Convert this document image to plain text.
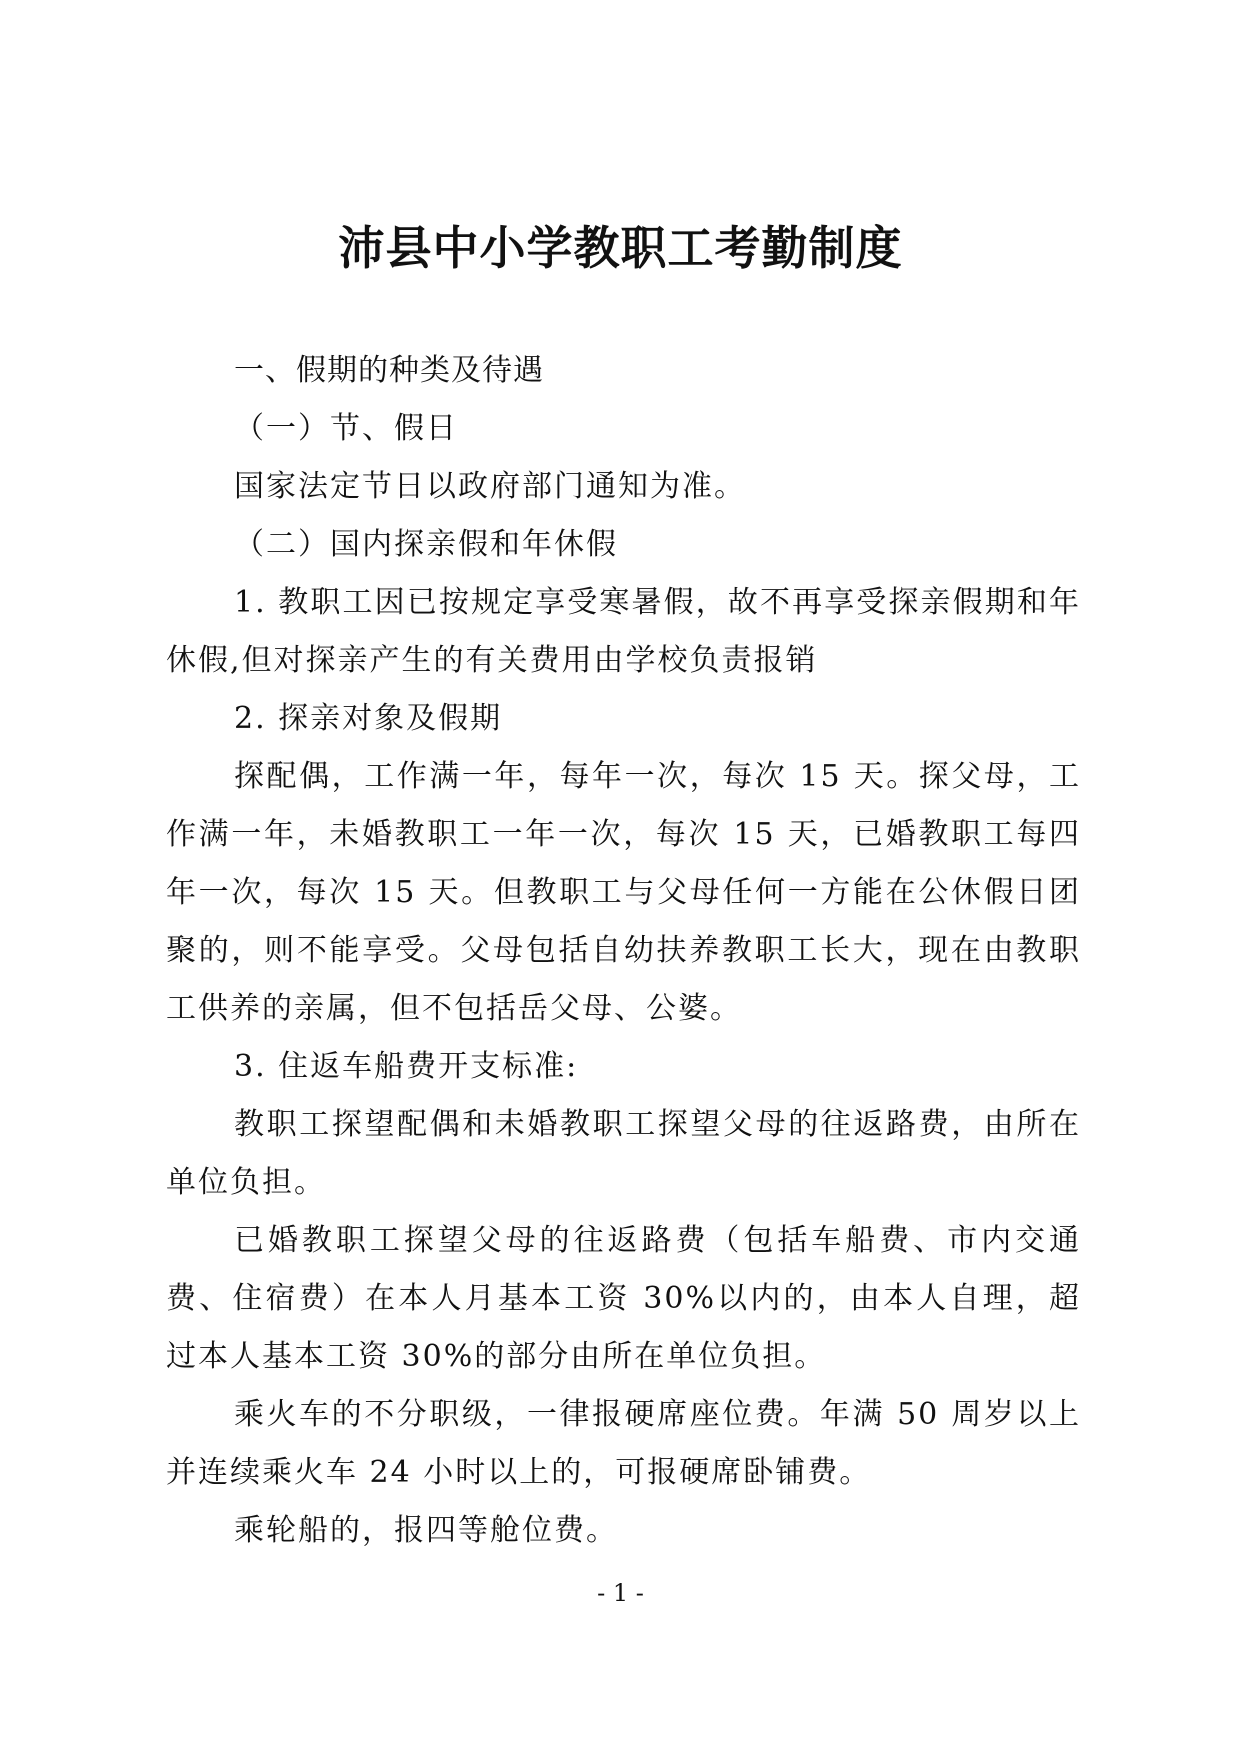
沛县中小学教职工考勤制度

一、假期的种类及待遇

（一）节、假日

国家法定节日以政府部门通知为准。

（二）国内探亲假和年休假

1. 教职工因已按规定享受寒暑假，故不再享受探亲假期和年休假,但对探亲产生的有关费用由学校负责报销

2. 探亲对象及假期

探配偶，工作满一年，每年一次，每次 15 天。探父母，工作满一年，未婚教职工一年一次，每次 15 天，已婚教职工每四年一次，每次 15 天。但教职工与父母任何一方能在公休假日团聚的，则不能享受。父母包括自幼扶养教职工长大，现在由教职工供养的亲属，但不包括岳父母、公婆。

3. 住返车船费开支标准:

教职工探望配偶和未婚教职工探望父母的往返路费，由所在单位负担。

已婚教职工探望父母的往返路费（包括车船费、市内交通费、住宿费）在本人月基本工资 30%以内的，由本人自理，超过本人基本工资 30%的部分由所在单位负担。

乘火车的不分职级，一律报硬席座位费。年满 50 周岁以上并连续乘火车 24 小时以上的，可报硬席卧铺费。

乘轮船的，报四等舱位费。

- 1 -
